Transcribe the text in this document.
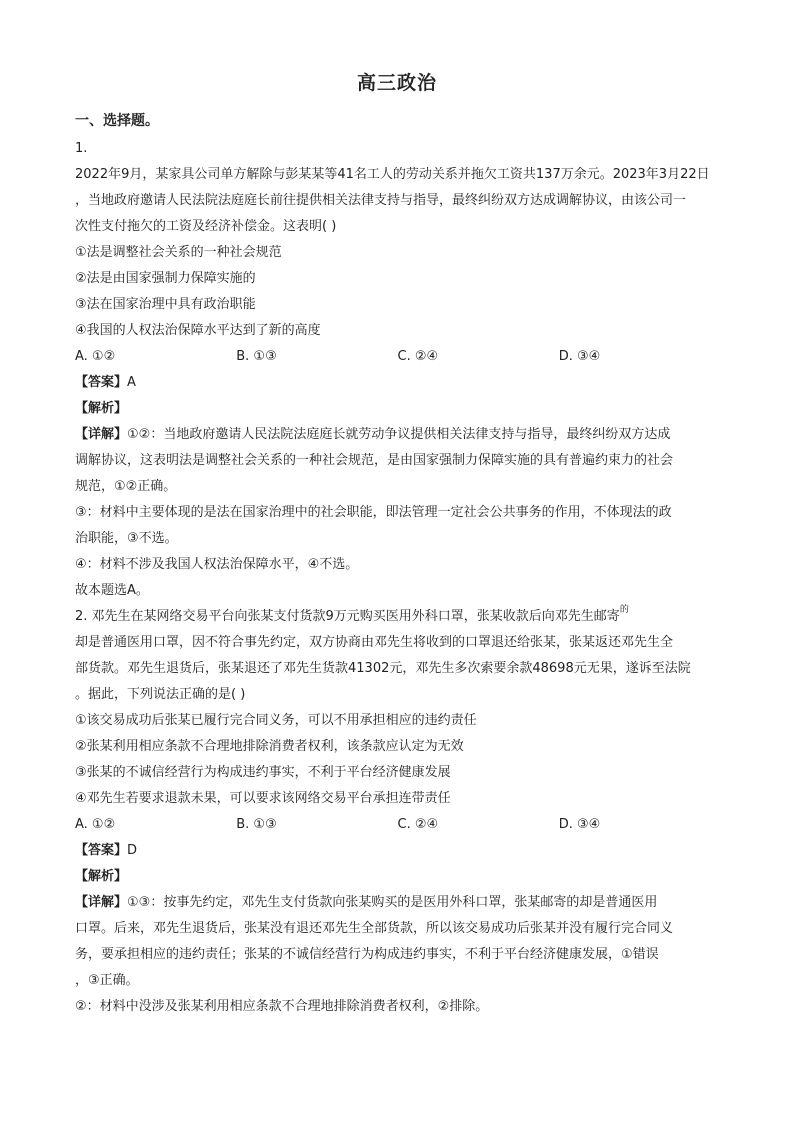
高三政治
一、选择题。
1.
2022年9月，某家具公司单方解除与彭某某等41名工人的劳动关系并拖欠工资共137万余元。2023年3月22日
，当地政府邀请人民法院法庭庭长前往提供相关法律支持与指导，最终纠纷双方达成调解协议，由该公司一
次性支付拖欠的工资及经济补偿金。这表明( )
①法是调整社会关系的一种社会规范
②法是由国家强制力保障实施的
③法在国家治理中具有政治职能
④我国的人权法治保障水平达到了新的高度
A. ①②	B. ①③	C. ②④	D. ③④
【答案】A
【解析】
【详解】①②：当地政府邀请人民法院法庭庭长就劳动争议提供相关法律支持与指导，最终纠纷双方达成
调解协议，这表明法是调整社会关系的一种社会规范，是由国家强制力保障实施的具有普遍约束力的社会
规范，①②正确。
③：材料中主要体现的是法在国家治理中的社会职能，即法管理一定社会公共事务的作用，不体现法的政
治职能，③不选。
④：材料不涉及我国人权法治保障水平，④不选。
故本题选A。
2. 邓先生在某网络交易平台向张某支付货款9万元购买医用外科口罩，张某收款后向邓先生邮寄$^的$
却是普通医用口罩，因不符合事先约定，双方协商由邓先生将收到的口罩退还给张某，张某返还邓先生全
部货款。邓先生退货后，张某退还了邓先生货款41302元，邓先生多次索要余款48698元无果，遂诉至法院
。据此，下列说法正确的是( )
①该交易成功后张某已履行完合同义务，可以不用承担相应的违约责任
②张某利用相应条款不合理地排除消费者权利，该条款应认定为无效
③张某的不诚信经营行为构成违约事实，不利于平台经济健康发展
④邓先生若要求退款未果，可以要求该网络交易平台承担连带责任
A. ①②	B. ①③	C. ②④	D. ③④
【答案】D
【解析】
【详解】①③：按事先约定，邓先生支付货款向张某购买的是医用外科口罩，张某邮寄的却是普通医用
口罩。后来，邓先生退货后，张某没有退还邓先生全部货款，所以该交易成功后张某并没有履行完合同义
务，要承担相应的违约责任；张某的不诚信经营行为构成违约事实，不利于平台经济健康发展，①错误
，③正确。
②：材料中没涉及张某利用相应条款不合理地排除消费者权利，②排除。
